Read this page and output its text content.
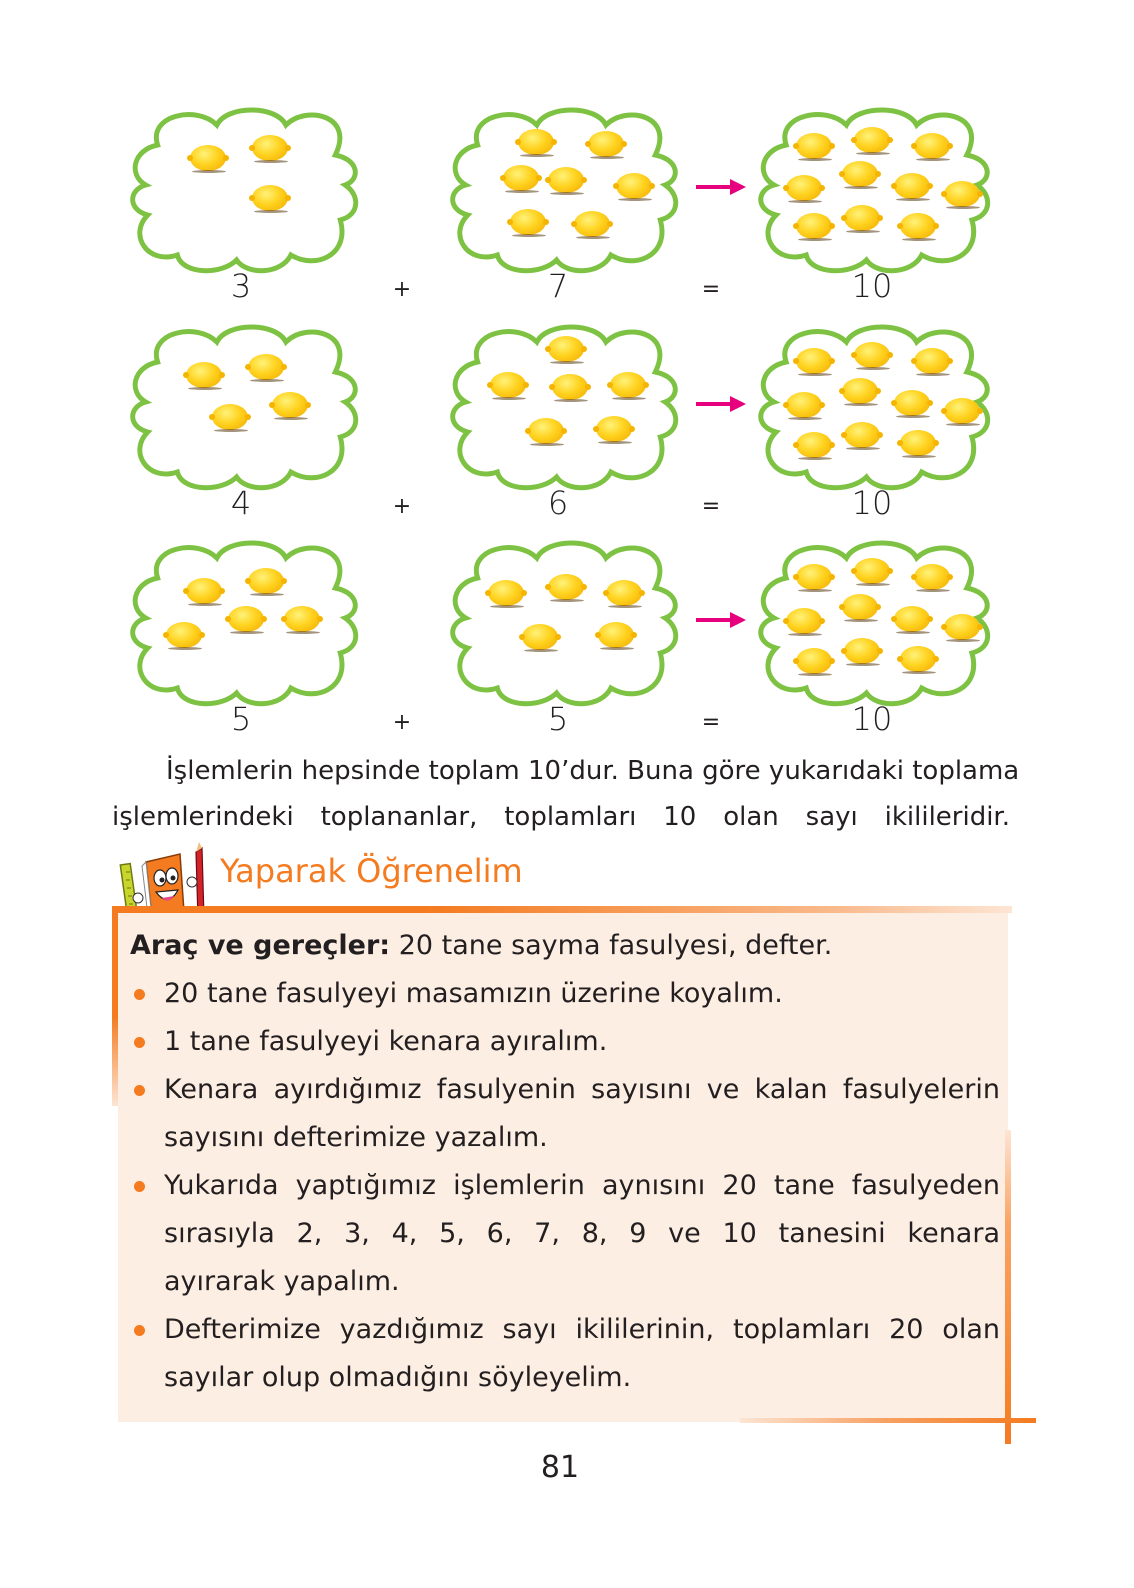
3	+	7	=	10
4	+	6	=	10
5	+	5	=	10
İşlemlerin hepsinde toplam 10’dur. Buna göre yukarıdaki toplama
işlemlerindeki toplananlar, toplamları 10 olan sayı ikilileridir.
Yaparak Öğrenelim
Araç ve gereçler: 20 tane sayma fasulyesi, defter.
20 tane fasulyeyi masamızın üzerine koyalım.
1 tane fasulyeyi kenara ayıralım.
Kenara ayırdığımız fasulyenin sayısını ve kalan fasulyelerin
sayısını defterimize yazalım.
Yukarıda yaptığımız işlemlerin aynısını 20 tane fasulyeden
sırasıyla 2, 3, 4, 5, 6, 7, 8, 9 ve 10 tanesini kenara
ayırarak yapalım.
Defterimize yazdığımız sayı ikililerinin, toplamları 20 olan
sayılar olup olmadığını söyleyelim.
81
